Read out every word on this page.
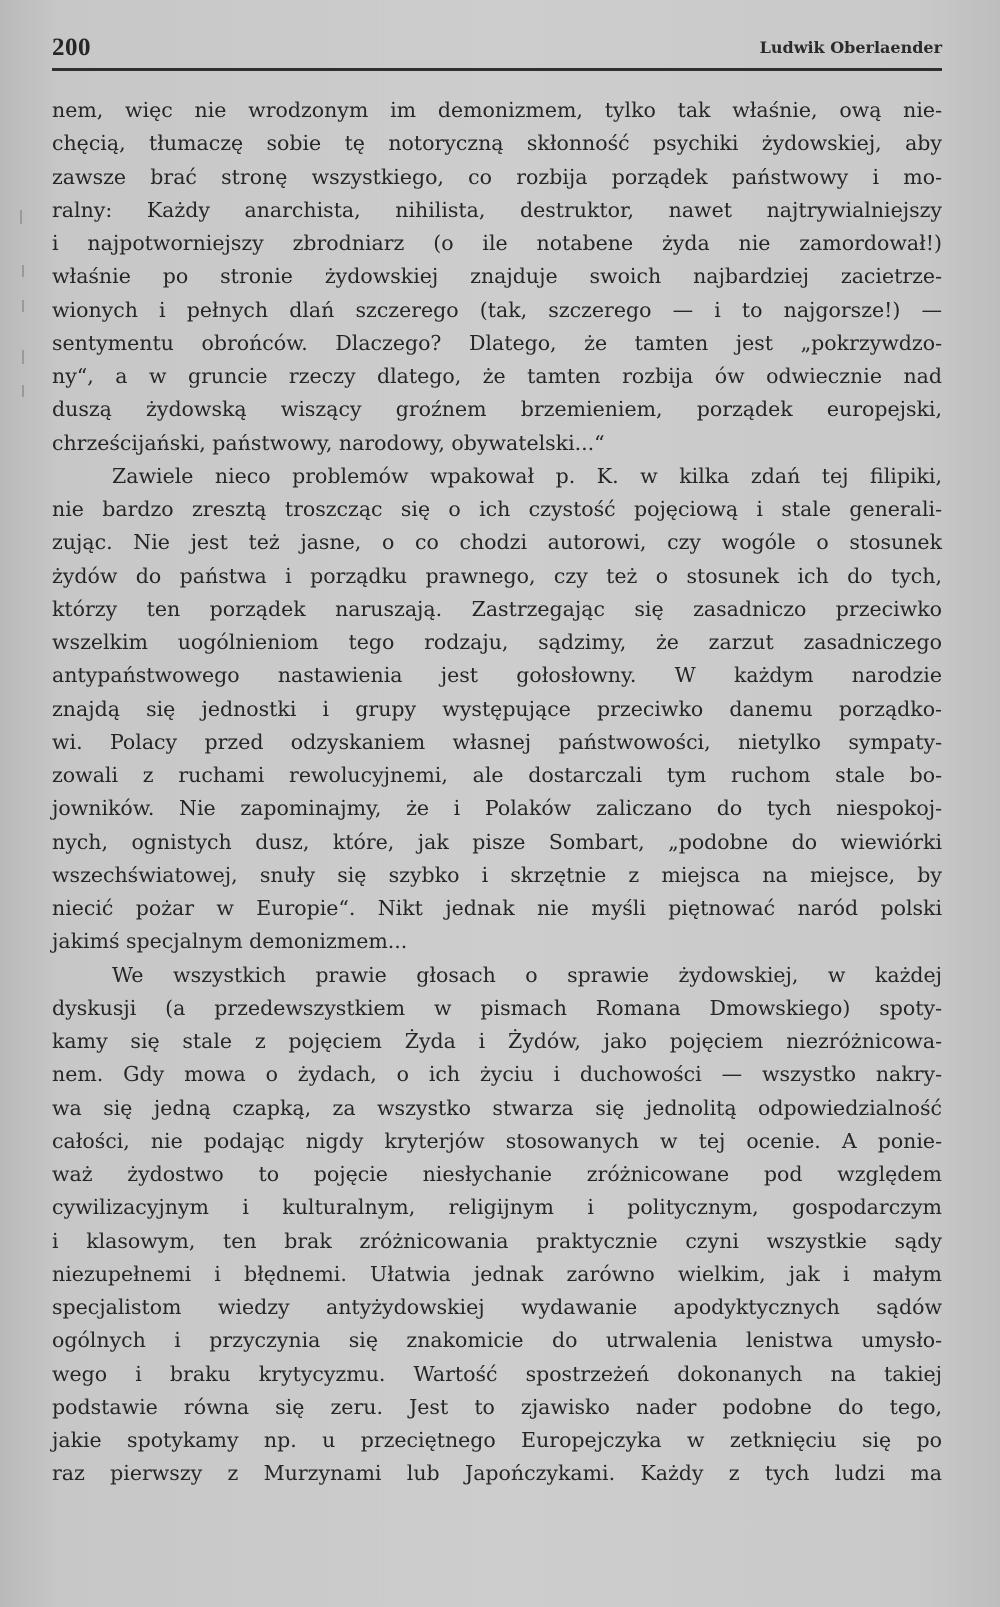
200	Ludwik Oberlaender
nem, więc nie wrodzonym im demonizmem, tylko tak właśnie, ową nie-
chęcią, tłumaczę sobie tę notoryczną skłonność psychiki żydowskiej, aby
zawsze brać stronę wszystkiego, co rozbija porządek państwowy i mo-
ralny: Każdy anarchista, nihilista, destruktor, nawet najtrywialniejszy
i najpotworniejszy zbrodniarz (o ile notabene żyda nie zamordował!)
właśnie po stronie żydowskiej znajduje swoich najbardziej zacietrze-
wionych i pełnych dlań szczerego (tak, szczerego — i to najgorsze!) —
sentymentu obrońców. Dlaczego? Dlatego, że tamten jest „pokrzywdzo-
ny“, a w gruncie rzeczy dlatego, że tamten rozbija ów odwiecznie nad
duszą żydowską wiszący groźnem brzemieniem, porządek europejski,
chrześcijański, państwowy, narodowy, obywatelski...“
Zawiele nieco problemów wpakował p. K. w kilka zdań tej filipiki,
nie bardzo zresztą troszcząc się o ich czystość pojęciową i stale generali-
zując. Nie jest też jasne, o co chodzi autorowi, czy wogóle o stosunek
żydów do państwa i porządku prawnego, czy też o stosunek ich do tych,
którzy ten porządek naruszają. Zastrzegając się zasadniczo przeciwko
wszelkim uogólnieniom tego rodzaju, sądzimy, że zarzut zasadniczego
antypaństwowego nastawienia jest gołosłowny. W każdym narodzie
znajdą się jednostki i grupy występujące przeciwko danemu porządko-
wi. Polacy przed odzyskaniem własnej państwowości, nietylko sympaty-
zowali z ruchami rewolucyjnemi, ale dostarczali tym ruchom stale bo-
jowników. Nie zapominajmy, że i Polaków zaliczano do tych niespokoj-
nych, ognistych dusz, które, jak pisze Sombart, „podobne do wiewiórki
wszechświatowej, snuły się szybko i skrzętnie z miejsca na miejsce, by
niecić pożar w Europie“. Nikt jednak nie myśli piętnować naród polski
jakimś specjalnym demonizmem...
We wszystkich prawie głosach o sprawie żydowskiej, w każdej
dyskusji (a przedewszystkiem w pismach Romana Dmowskiego) spoty-
kamy się stale z pojęciem Żyda i Żydów, jako pojęciem niezróżnicowa-
nem. Gdy mowa o żydach, o ich życiu i duchowości — wszystko nakry-
wa się jedną czapką, za wszystko stwarza się jednolitą odpowiedzialność
całości, nie podając nigdy kryterjów stosowanych w tej ocenie. A ponie-
waż żydostwo to pojęcie niesłychanie zróżnicowane pod względem
cywilizacyjnym i kulturalnym, religijnym i politycznym, gospodarczym
i klasowym, ten brak zróżnicowania praktycznie czyni wszystkie sądy
niezupełnemi i błędnemi. Ułatwia jednak zarówno wielkim, jak i małym
specjalistom wiedzy antyżydowskiej wydawanie apodyktycznych sądów
ogólnych i przyczynia się znakomicie do utrwalenia lenistwa umysło-
wego i braku krytycyzmu. Wartość spostrzeżeń dokonanych na takiej
podstawie równa się zeru. Jest to zjawisko nader podobne do tego,
jakie spotykamy np. u przeciętnego Europejczyka w zetknięciu się po
raz pierwszy z Murzynami lub Japończykami. Każdy z tych ludzi ma
